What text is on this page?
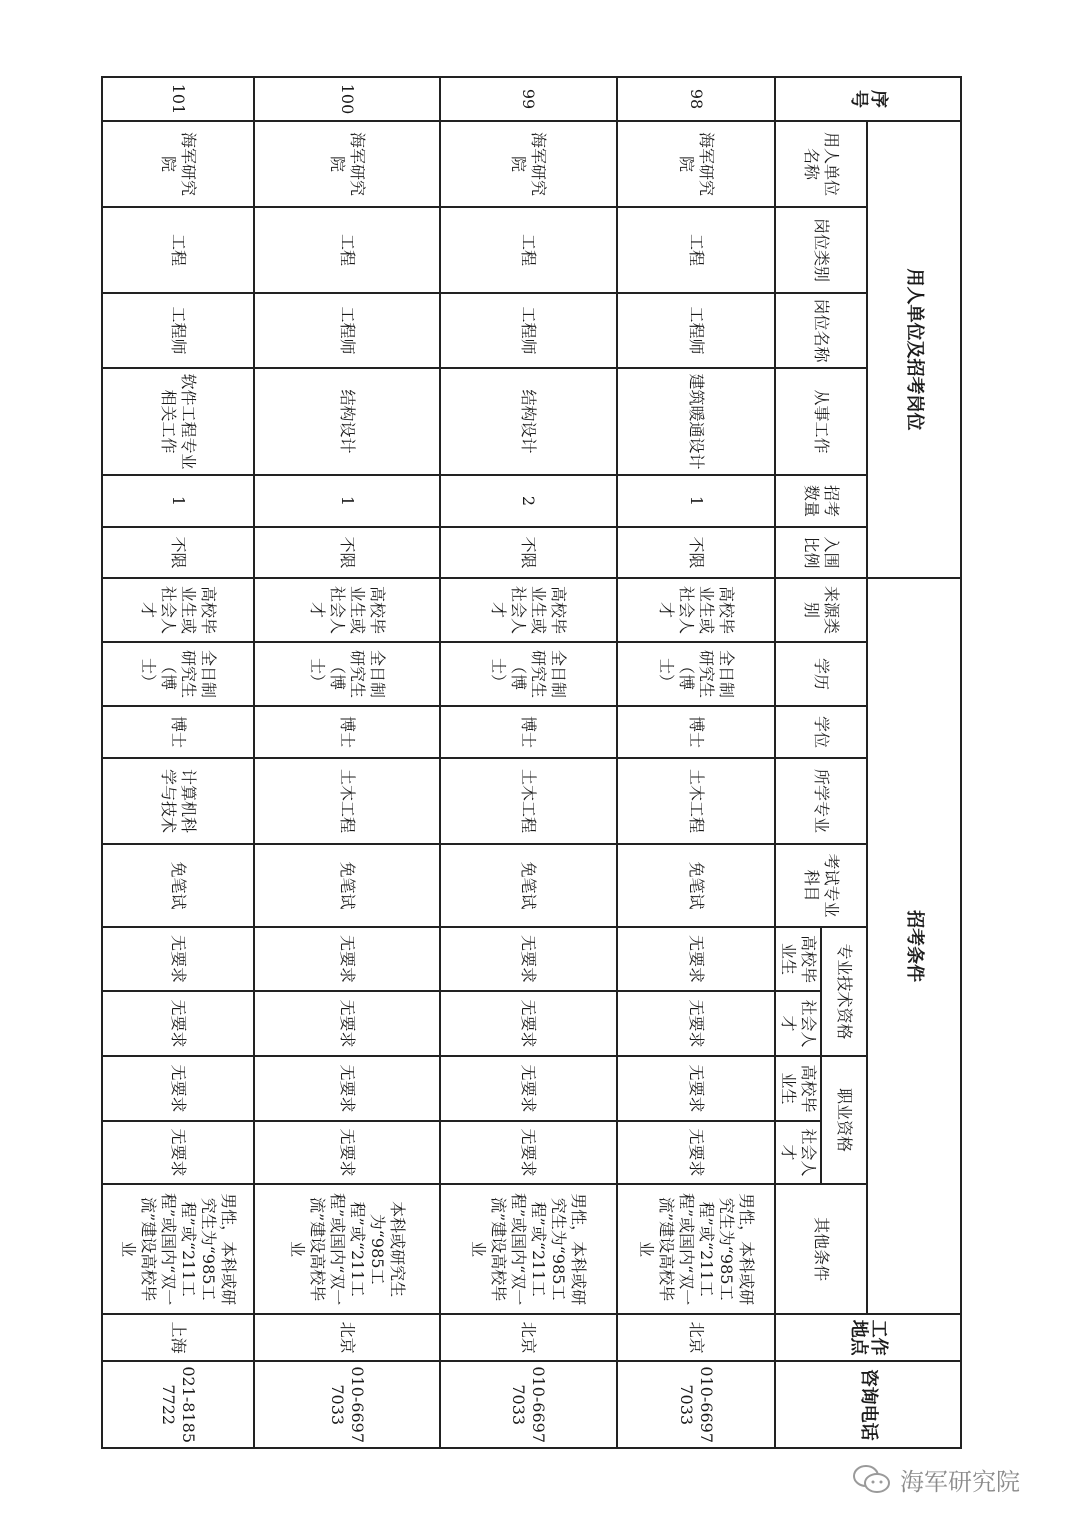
序号	用人单位及招考岗位						招考条件										工作地点	咨询电话
	用人单位名称	岗位类别	岗位名称	从事工作	招考数量	入围比例	来源类别	学历	学位	所学专业	考试专业科目	专业技术资格		职业资格		其他条件		
												高校毕业生	社会人才	高校毕业生	社会人才			
98	海军研究院	工程	工程师	建筑暖通设计	1	不限	高校毕业生或社会人才	全日制研究生（博士）	博士	土木工程	免笔试	无要求	无要求	无要求	无要求	男性，本科或研究生为“985工程”或“211工程”或国内“双一流”建设高校毕业	北京	010-66977033
99	海军研究院	工程	工程师	结构设计	2	不限	高校毕业生或社会人才	全日制研究生（博士）	博士	土木工程	免笔试	无要求	无要求	无要求	无要求	男性，本科或研究生为“985工程”或“211工程”或国内“双一流”建设高校毕业	北京	010-66977033
100	海军研究院	工程	工程师	结构设计	1	不限	高校毕业生或社会人才	全日制研究生（博士）	博士	土木工程	免笔试	无要求	无要求	无要求	无要求	本科或研究生为“985工程”或“211工程”或国内“双一流”建设高校毕业	北京	010-66977033
101	海军研究院	工程	工程师	软件工程专业相关工作	1	不限	高校毕业生或社会人才	全日制研究生（博士）	博士	计算机科学与技术	免笔试	无要求	无要求	无要求	无要求	男性，本科或研究生为“985工程”或“211工程”或国内“双一流”建设高校毕业	上海	021-81857722
海军研究院
